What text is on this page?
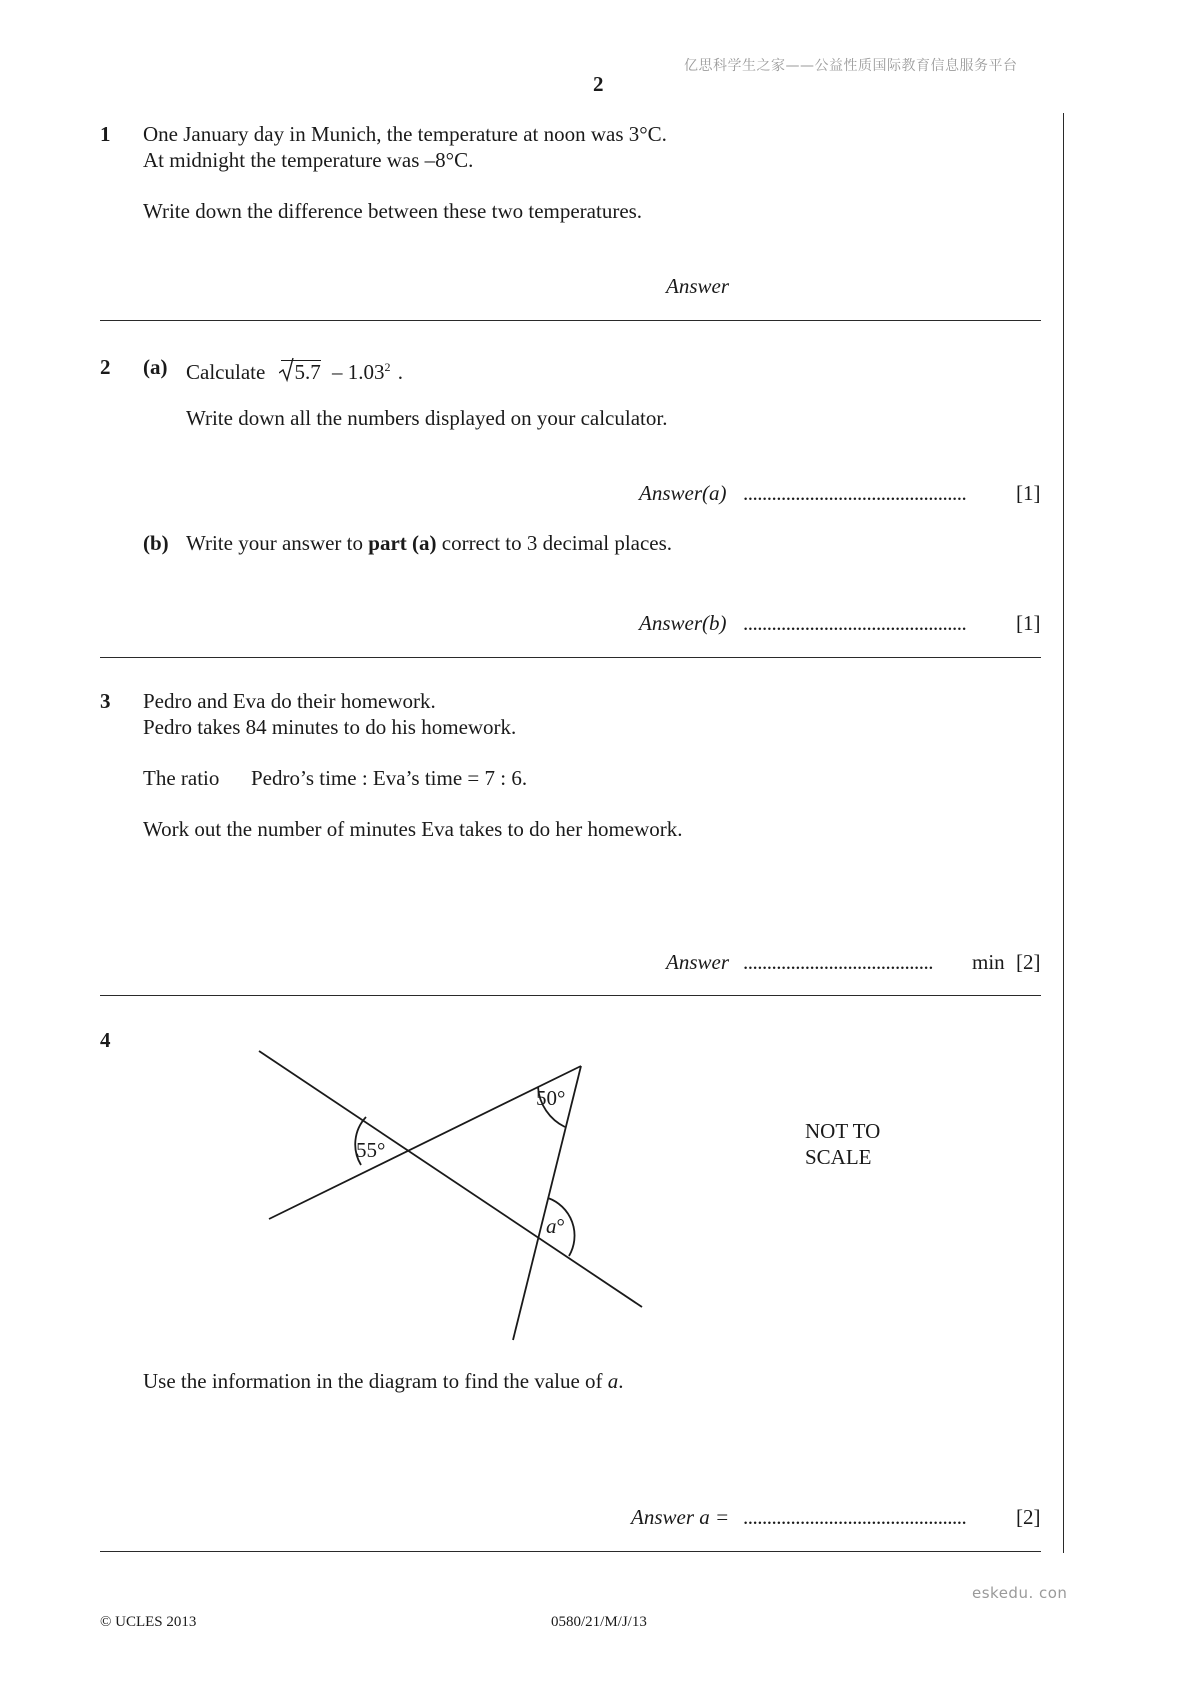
亿思科学生之家——公益性质国际教育信息服务平台
2
1 One January day in Munich, the temperature at noon was 3°C.
At midnight the temperature was –8°C.
Write down the difference between these two temperatures.
Answer
2 (a) Calculate 5.7 – 1.03$^2$ .
Write down all the numbers displayed on your calculator.
Answer(a) ............................................... [1]
(b) Write your answer to part (a) correct to 3 decimal places.
Answer(b) ............................................... [1]
3 Pedro and Eva do their homework.
Pedro takes 84 minutes to do his homework.
The ratio Pedro’s time : Eva’s time = 7 : 6.
Work out the number of minutes Eva takes to do her homework.
Answer ........................................ min [2]
4
50°
55°
a°
NOT TO
SCALE
Use the information in the diagram to find the value of a.
Answer a = ............................................... [2]
eskedu. con
© UCLES 2013	0580/21/M/J/13
